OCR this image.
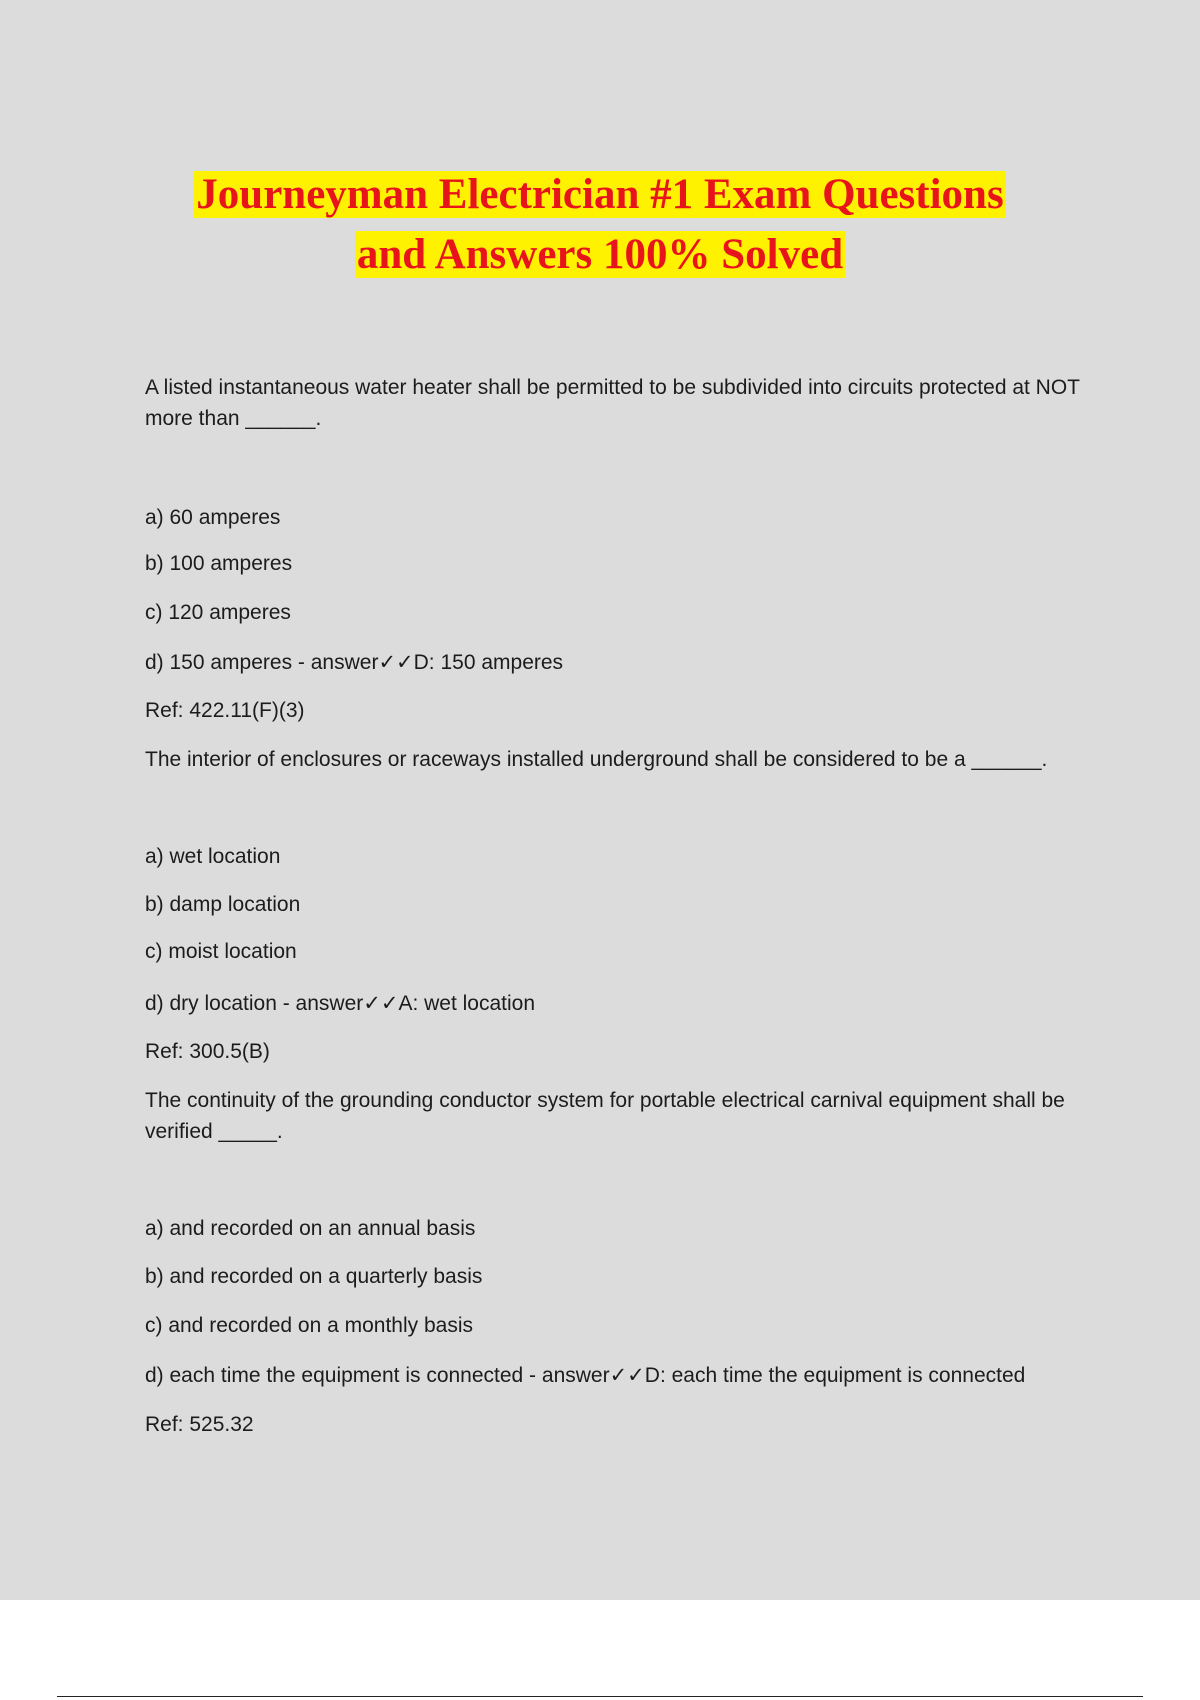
Journeyman Electrician #1 Exam Questions
and Answers 100% Solved
A listed instantaneous water heater shall be permitted to be subdivided into circuits protected at NOT more than ______.
a) 60 amperes
b) 100 amperes
c) 120 amperes
d) 150 amperes - answer✓✓D: 150 amperes
Ref: 422.11(F)(3)
The interior of enclosures or raceways installed underground shall be considered to be a ______.
a) wet location
b) damp location
c) moist location
d) dry location - answer✓✓A: wet location
Ref: 300.5(B)
The continuity of the grounding conductor system for portable electrical carnival equipment shall be verified _____.
a) and recorded on an annual basis
b) and recorded on a quarterly basis
c) and recorded on a monthly basis
d) each time the equipment is connected - answer✓✓D: each time the equipment is connected
Ref: 525.32
